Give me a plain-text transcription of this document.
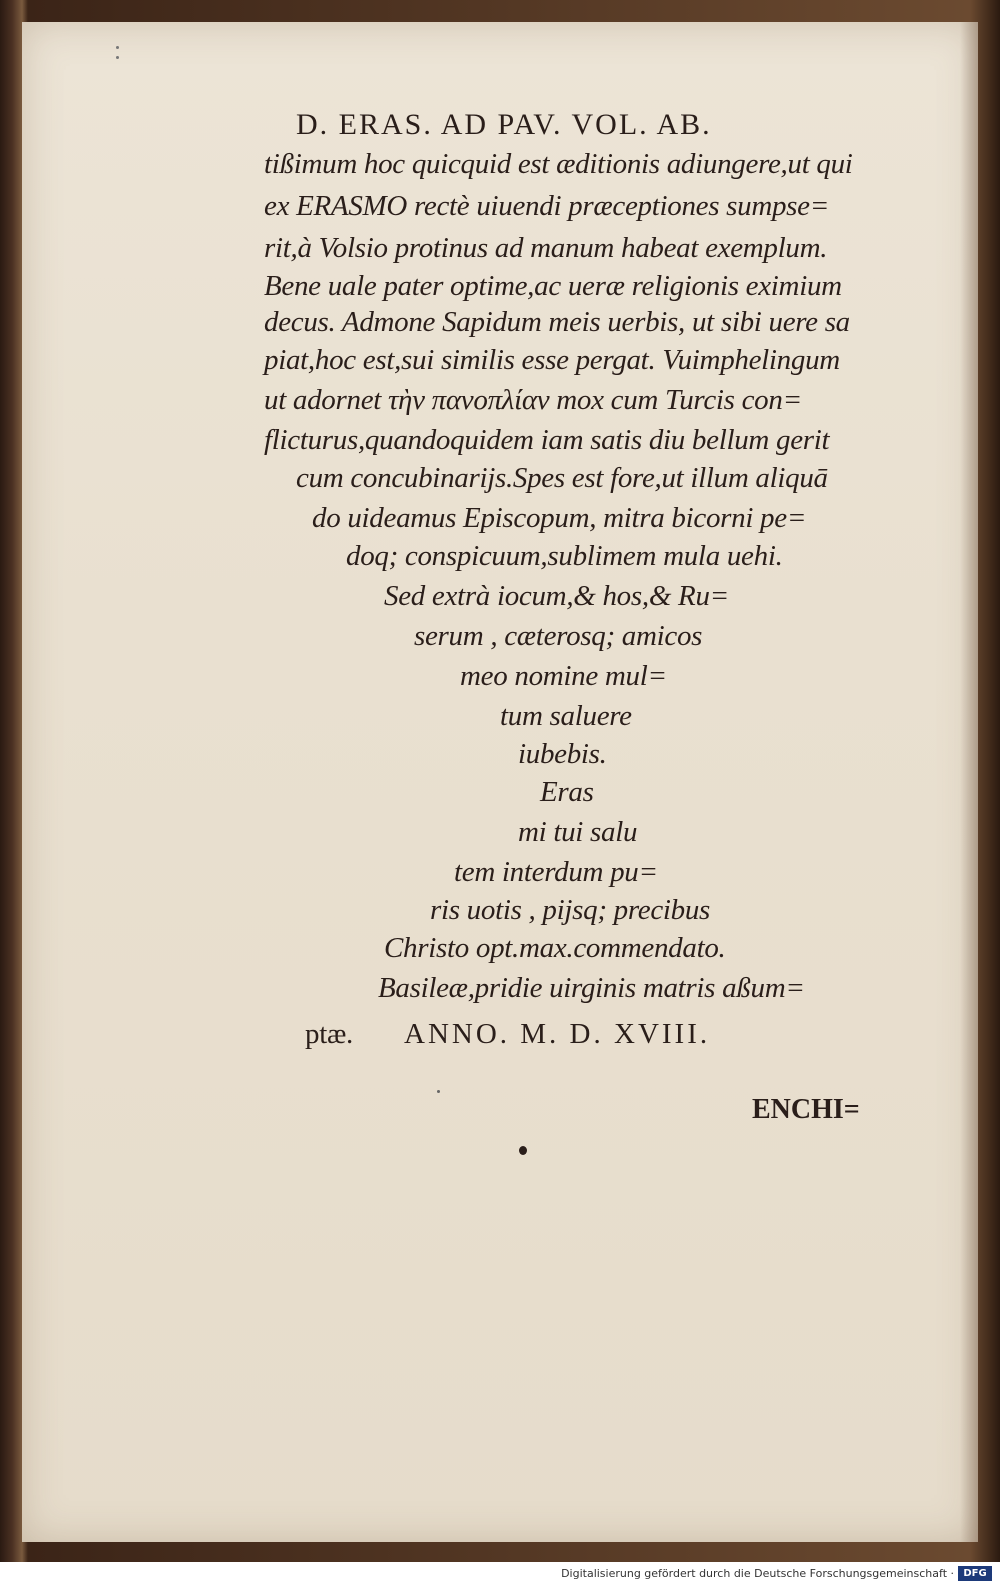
D. ERAS. AD PAV. VOL. AB.
tißimum hoc quicquid est æditionis adiungere,ut qui
ex ERASMO rectè uiuendi præceptiones sumpse=
rit,à Volsio protinus ad manum habeat exemplum.
Bene uale pater optime,ac ueræ religionis eximium
decus. Admone Sapidum meis uerbis, ut sibi uere sa
piat,hoc est,sui similis esse pergat. Vuimphelingum
ut adornet τὴν πανοπλίαν mox cum Turcis con=
flicturus,quandoquidem iam satis diu bellum gerit
cum concubinarijs.Spes est fore,ut illum aliquā
do uideamus Episcopum, mitra bicorni pe=
doq; conspicuum,sublimem mula uehi.
Sed extrà iocum,& hos,& Ru=
serum , cæterosq; amicos
meo nomine mul=
tum saluere
iubebis.
Eras
mi tui salu
tem interdum pu=
ris uotis , pijsq; precibus
Christo opt.max.commendato.
Basileæ,pridie uirginis matris aßum=
ptæ. ANNO. M. D. XVIII.
ENCHI=
Digitalisierung gefördert durch die Deutsche Forschungsgemeinschaft · DFG
